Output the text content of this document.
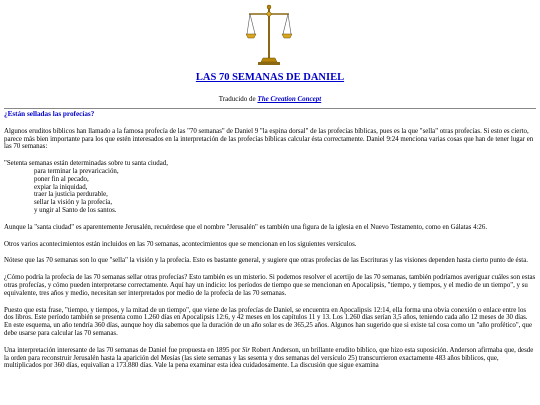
LAS 70 SEMANAS DE DANIEL
Traducido de The Creation Concept
¿Están selladas las profecías?

Algunos eruditos bíblicos han llamado a la famosa profecía de las "70 semanas" de Daniel 9 "la espina dorsal" de las profecías bíblicas, pues es la que "sella" otras profecías. Si esto es cierto, parece más bien importante para los que estén interesados en la interpretación de las profecías bíblicas calcular ésta correctamente. Daniel 9:24 menciona varias cosas que han de tener lugar en las 70 semanas:

"Setenta semanas están determinadas sobre tu santa ciudad,
para terminar la prevaricación,
poner fin al pecado,
expiar la iniquidad,
traer la justicia perdurable,
sellar la visión y la profecía,
y ungir al Santo de los santos.

Aunque la "santa ciudad" es aparentemente Jerusalén, recuérdese que el nombre "Jerusalén" es también una figura de la iglesia en el Nuevo Testamento, como en Gálatas 4:26.

Otros varios acontecimientos están incluidos en las 70 semanas, acontecimientos que se mencionan en los siguientes versículos.

Nótese que las 70 semanas son lo que "sella" la visión y la profecía. Esto es bastante general, y sugiere que otras profecías de las Escrituras y las visiones dependen hasta cierto punto de ésta.

¿Cómo podría la profecía de las 70 semanas sellar otras profecías? Esto también es un misterio. Si podemos resolver el acertijo de las 70 semanas, también podríamos averiguar cuáles son estas otras profecías, y cómo pueden interpretarse correctamente. Aquí hay un indicio: los períodos de tiempo que se mencionan en Apocalipsis, "tiempo, y tiempos, y el medio de un tiempo", y su equivalente, tres años y medio, necesitan ser interpretados por medio de la profecía de las 70 semanas.

Puesto que esta frase, "tiempo, y tiempos, y la mitad de un tiempo", que viene de las profecías de Daniel, se encuentra en Apocalipsis 12:14, ella forma una obvia conexión o enlace entre los dos libros. Este período también se presenta como 1.260 días en Apocalipsis 12:6, y 42 meses en los capítulos 11 y 13. Los 1.260 días serían 3,5 años, teniendo cada año 12 meses de 30 días. En este esquema, un año tendría 360 días, aunque hoy día sabemos que la duración de un año solar es de 365,25 años. Algunos han sugerido que si existe tal cosa como un "año profético", que debe usarse para calcular las 70 semanas.

Una interpretación interesante de las 70 semanas de Daniel fue propuesta en 1895 por Sir Robert Anderson, un brillante erudito bíblico, que hizo esta suposición. Anderson afirmaba que, desde la orden para reconstruir Jerusalén hasta la aparición del Mesías (las siete semanas y las sesenta y dos semanas del versículo 25) transcurrieron exactamente 483 años bíblicos, que, multiplicados por 360 días, equivalían a 173.880 días. Vale la pena examinar esta idea cuidadosamente. La discusión que sigue examina
